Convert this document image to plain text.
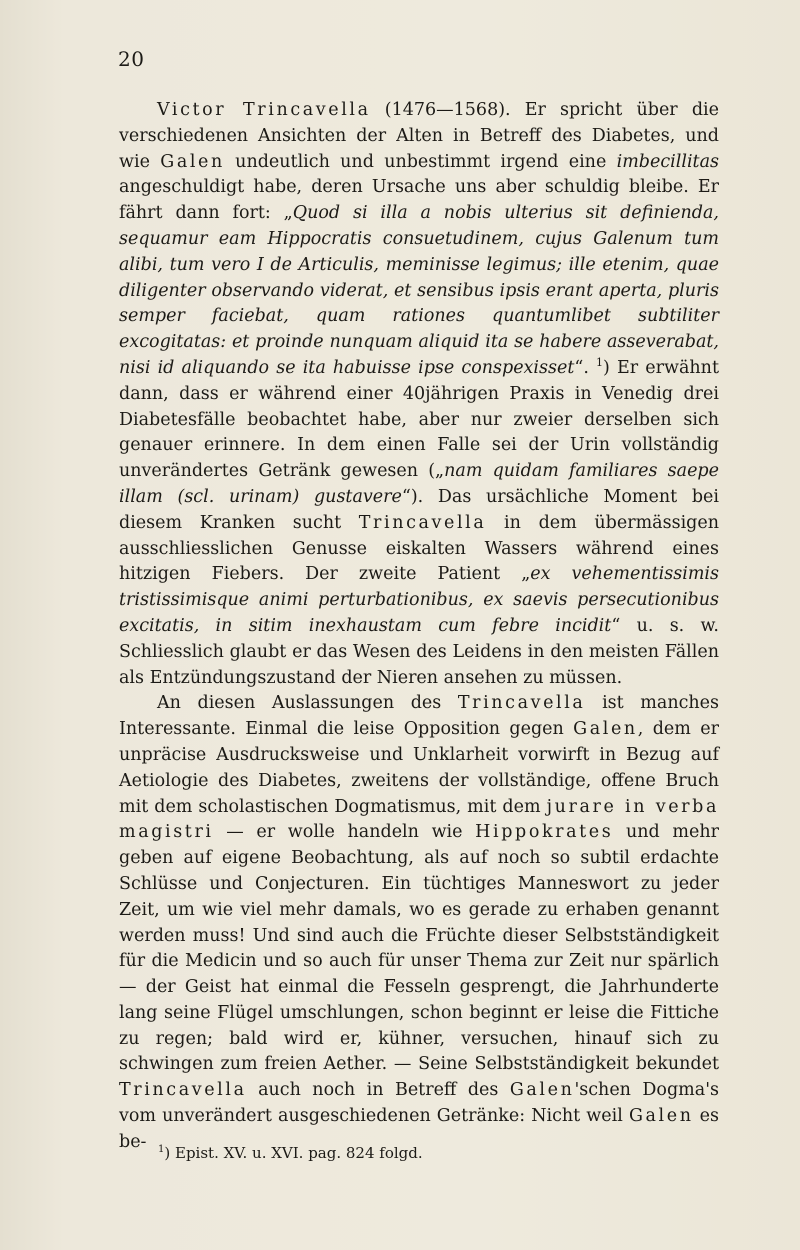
20

Victor Trincavella (1476—1568). Er spricht über die verschiedenen Ansichten der Alten in Betreff des Diabetes, und wie Galen undeutlich und unbestimmt irgend eine imbecillitas angeschuldigt habe, deren Ursache uns aber schuldig bleibe. Er fährt dann fort: „Quod si illa a nobis ulterius sit definienda, sequamur eam Hippocratis consuetudinem, cujus Galenum tum alibi, tum vero I de Articulis, meminisse legimus; ille etenim, quae diligenter observando viderat, et sensibus ipsis erant aperta, pluris semper faciebat, quam rationes quantumlibet subtiliter excogitatas: et proinde nunquam aliquid ita se habere asseverabat, nisi id aliquando se ita habuisse ipse conspexisset“. $^1$) Er erwähnt dann, dass er während einer 40jährigen Praxis in Venedig drei Diabetesfälle beobachtet habe, aber nur zweier derselben sich genauer erinnere. In dem einen Falle sei der Urin vollständig unverändertes Getränk gewesen („nam quidam familiares saepe illam (scl. urinam) gustavere“). Das ursächliche Moment bei diesem Kranken sucht Trincavella in dem übermässigen ausschliesslichen Genusse eiskalten Wassers während eines hitzigen Fiebers. Der zweite Patient „ex vehementissimis tristissimisque animi perturbationibus, ex saevis persecutionibus excitatis, in sitim inexhaustam cum febre incidit“ u. s. w. Schliesslich glaubt er das Wesen des Leidens in den meisten Fällen als Entzündungszustand der Nieren ansehen zu müssen.

An diesen Auslassungen des Trincavella ist manches Interessante. Einmal die leise Opposition gegen Galen, dem er unpräcise Ausdrucksweise und Unklarheit vorwirft in Bezug auf Aetiologie des Diabetes, zweitens der vollständige, offene Bruch mit dem scholastischen Dogmatismus, mit dem jurare in verba magistri — er wolle handeln wie Hippokrates und mehr geben auf eigene Beobachtung, als auf noch so subtil erdachte Schlüsse und Conjecturen. Ein tüchtiges Manneswort zu jeder Zeit, um wie viel mehr damals, wo es gerade zu erhaben genannt werden muss! Und sind auch die Früchte dieser Selbstständigkeit für die Medicin und so auch für unser Thema zur Zeit nur spärlich — der Geist hat einmal die Fesseln gesprengt, die Jahrhunderte lang seine Flügel umschlungen, schon beginnt er leise die Fittiche zu regen; bald wird er, kühner, versuchen, hinauf sich zu schwingen zum freien Aether. — Seine Selbstständigkeit bekundet Trincavella auch noch in Betreff des Galen'schen Dogma's vom unverändert ausgeschiedenen Getränke: Nicht weil Galen es be-	$^1$) Epist. XV. u. XVI. pag. 824 folgd.
